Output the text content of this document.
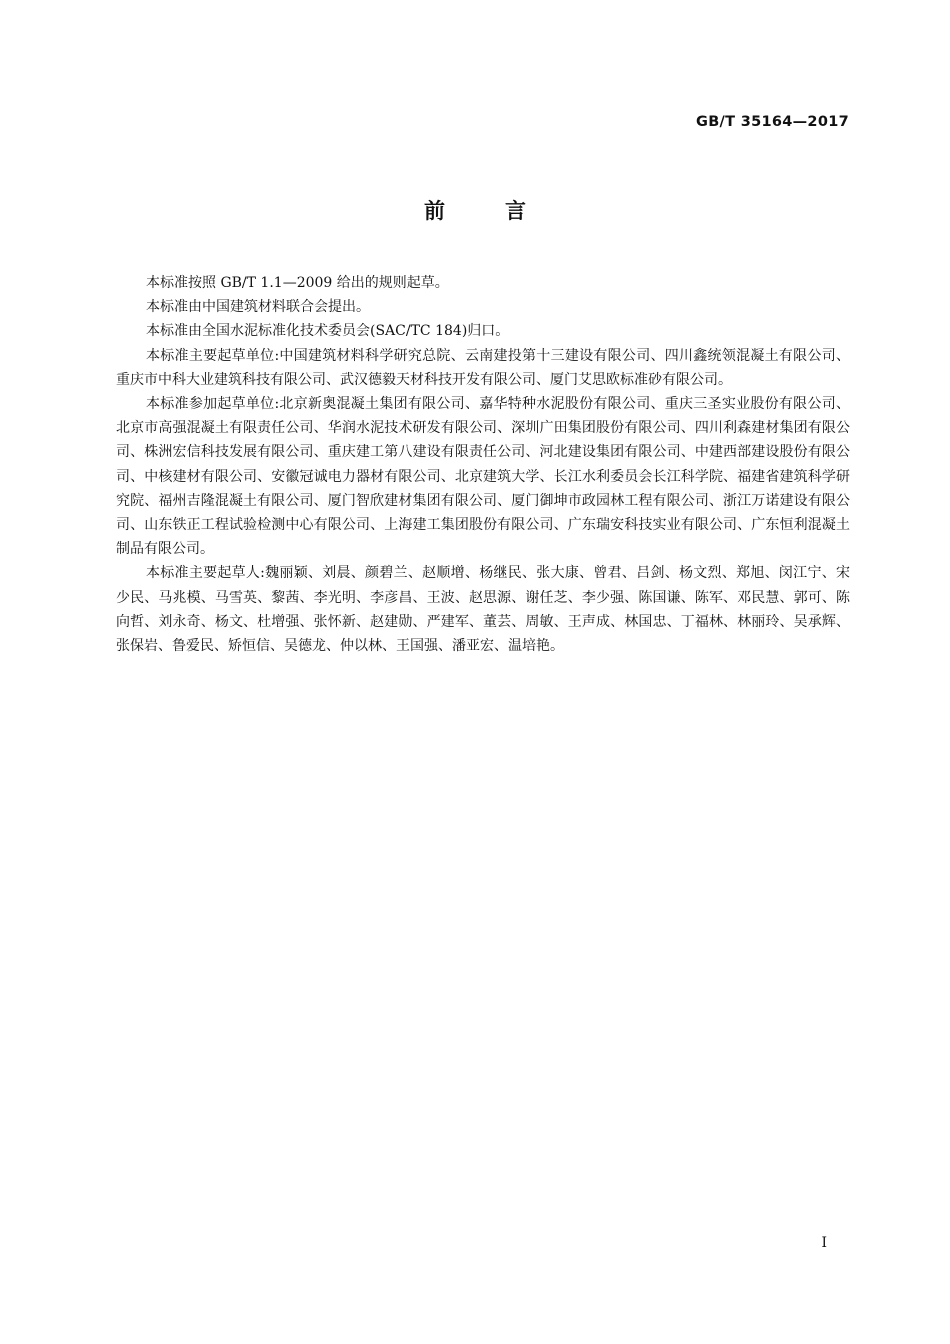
GB/T 35164—2017
前言

本标准按照 GB/T 1.1—2009 给出的规则起草。

本标准由中国建筑材料联合会提出。

本标准由全国水泥标准化技术委员会(SAC/TC 184)归口。

本标准主要起草单位:中国建筑材料科学研究总院、云南建投第十三建设有限公司、四川鑫统领混凝土有限公司、重庆市中科大业建筑科技有限公司、武汉德毅天材科技开发有限公司、厦门艾思欧标准砂有限公司。

本标准参加起草单位:北京新奥混凝土集团有限公司、嘉华特种水泥股份有限公司、重庆三圣实业股份有限公司、北京市高强混凝土有限责任公司、华润水泥技术研发有限公司、深圳广田集团股份有限公司、四川利森建材集团有限公司、株洲宏信科技发展有限公司、重庆建工第八建设有限责任公司、河北建设集团有限公司、中建西部建设股份有限公司、中核建材有限公司、安徽冠诚电力器材有限公司、北京建筑大学、长江水利委员会长江科学院、福建省建筑科学研究院、福州吉隆混凝土有限公司、厦门智欣建材集团有限公司、厦门御坤市政园林工程有限公司、浙江万诺建设有限公司、山东铁正工程试验检测中心有限公司、上海建工集团股份有限公司、广东瑞安科技实业有限公司、广东恒利混凝土制品有限公司。

本标准主要起草人:魏丽颖、刘晨、颜碧兰、赵顺增、杨继民、张大康、曾君、吕剑、杨文烈、郑旭、闵江宁、宋少民、马兆模、马雪英、黎茜、李光明、李彦昌、王波、赵思源、谢任芝、李少强、陈国谦、陈军、邓民慧、郭可、陈向哲、刘永奇、杨文、杜增强、张怀新、赵建勋、严建军、董芸、周敏、王声成、林国忠、丁福林、林丽玲、吴承辉、张保岩、鲁爱民、矫恒信、吴德龙、仲以林、王国强、潘亚宏、温培艳。

I
